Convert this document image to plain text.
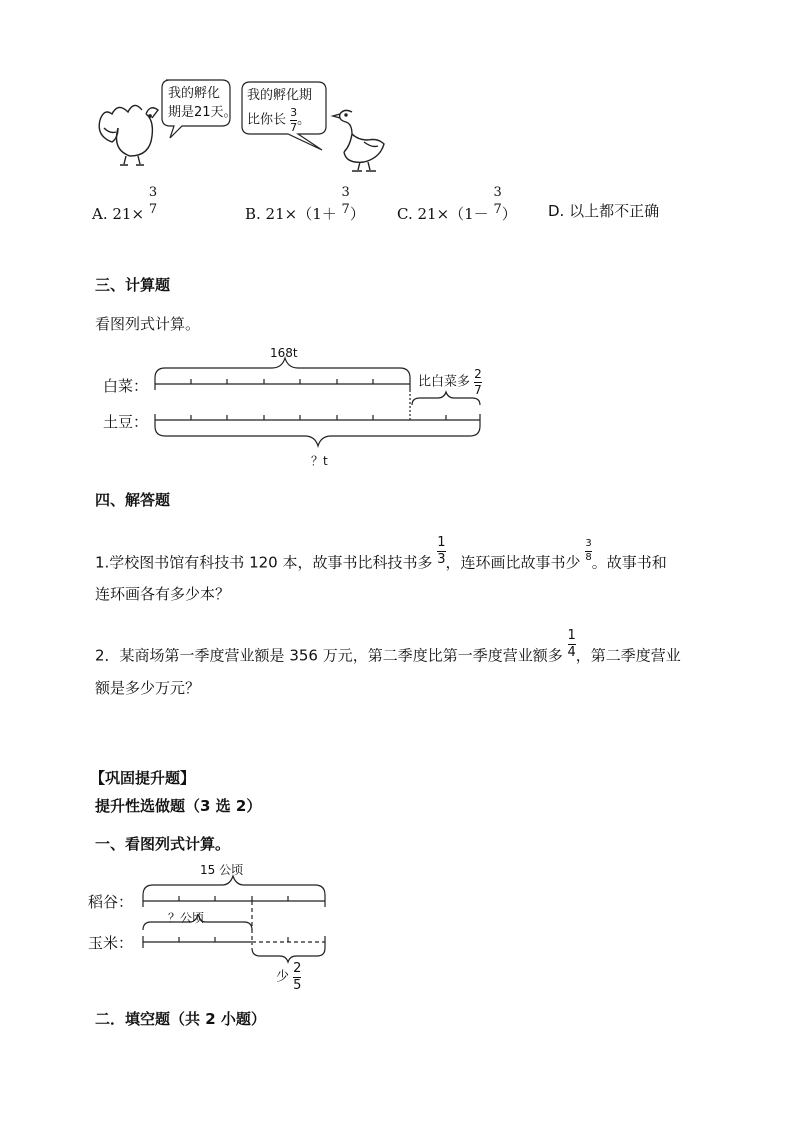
我的孵化
期是21天。
我的孵化期
比你长 $\frac{3}{7}$ 。
A. 21×
3
7	B. 21×（1＋
3
7 ） C. 21×（1－
3
7 ） D. 以上都不正确
三、计算题
看图列式计算。
168t
白菜：
土豆：
比白菜多 $\frac{2}{7}$
？t
四、解答题
1.学校图书馆有科技书 120 本，故事书比科技书多 $\frac{1}{3}$ ，连环画比故事书少 $\frac{3}{8}$ 。故事书和
连环画各有多少本？
2．某商场第一季度营业额是 356 万元，第二季度比第一季度营业额多 $\frac{1}{4}$ ，第二季度营业
额是多少万元？
【巩固提升题】
提升性选做题（3 选 2）
一、看图列式计算。
15 公顷
稻谷：
？公顷
玉米：
少 $\frac{2}{5}$
二．填空题（共 2 小题）
